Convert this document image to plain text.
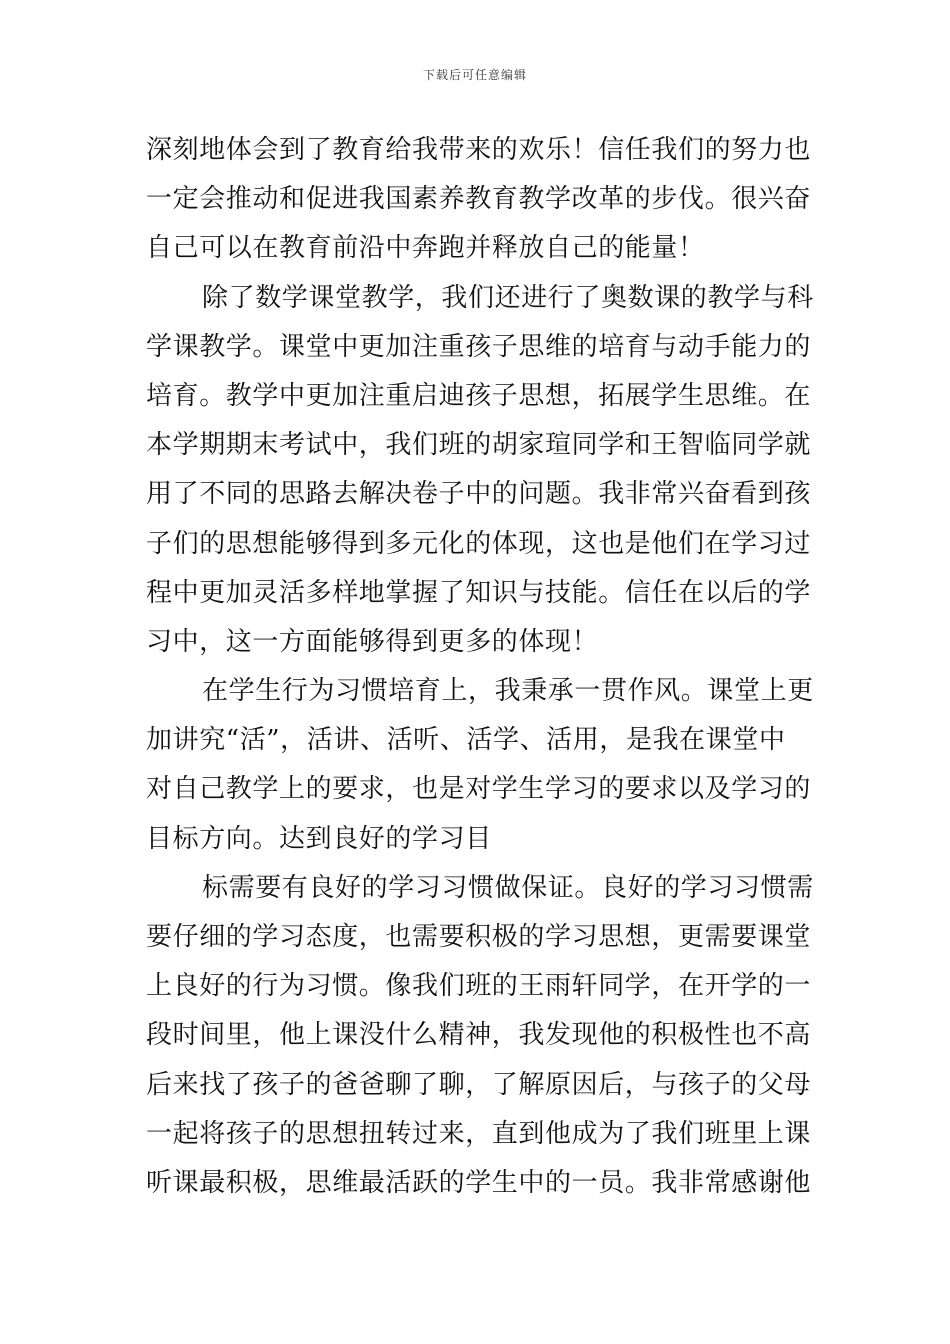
下载后可任意编辑
深刻地体会到了教育给我带来的欢乐！信任我们的努力也
一定会推动和促进我国素养教育教学改革的步伐。很兴奋
自己可以在教育前沿中奔跑并释放自己的能量！
除了数学课堂教学，我们还进行了奥数课的教学与科
学课教学。课堂中更加注重孩子思维的培育与动手能力的
培育。教学中更加注重启迪孩子思想，拓展学生思维。在
本学期期末考试中，我们班的胡家瑄同学和王智临同学就
用了不同的思路去解决卷子中的问题。我非常兴奋看到孩
子们的思想能够得到多元化的体现，这也是他们在学习过
程中更加灵活多样地掌握了知识与技能。信任在以后的学
习中，这一方面能够得到更多的体现！
在学生行为习惯培育上，我秉承一贯作风。课堂上更
加讲究“活”，活讲、活听、活学、活用，是我在课堂中
对自己教学上的要求，也是对学生学习的要求以及学习的
目标方向。达到良好的学习目
标需要有良好的学习习惯做保证。良好的学习习惯需
要仔细的学习态度，也需要积极的学习思想，更需要课堂
上良好的行为习惯。像我们班的王雨轩同学，在开学的一
段时间里，他上课没什么精神，我发现他的积极性也不高
后来找了孩子的爸爸聊了聊，了解原因后，与孩子的父母
一起将孩子的思想扭转过来，直到他成为了我们班里上课
听课最积极，思维最活跃的学生中的一员。我非常感谢他
